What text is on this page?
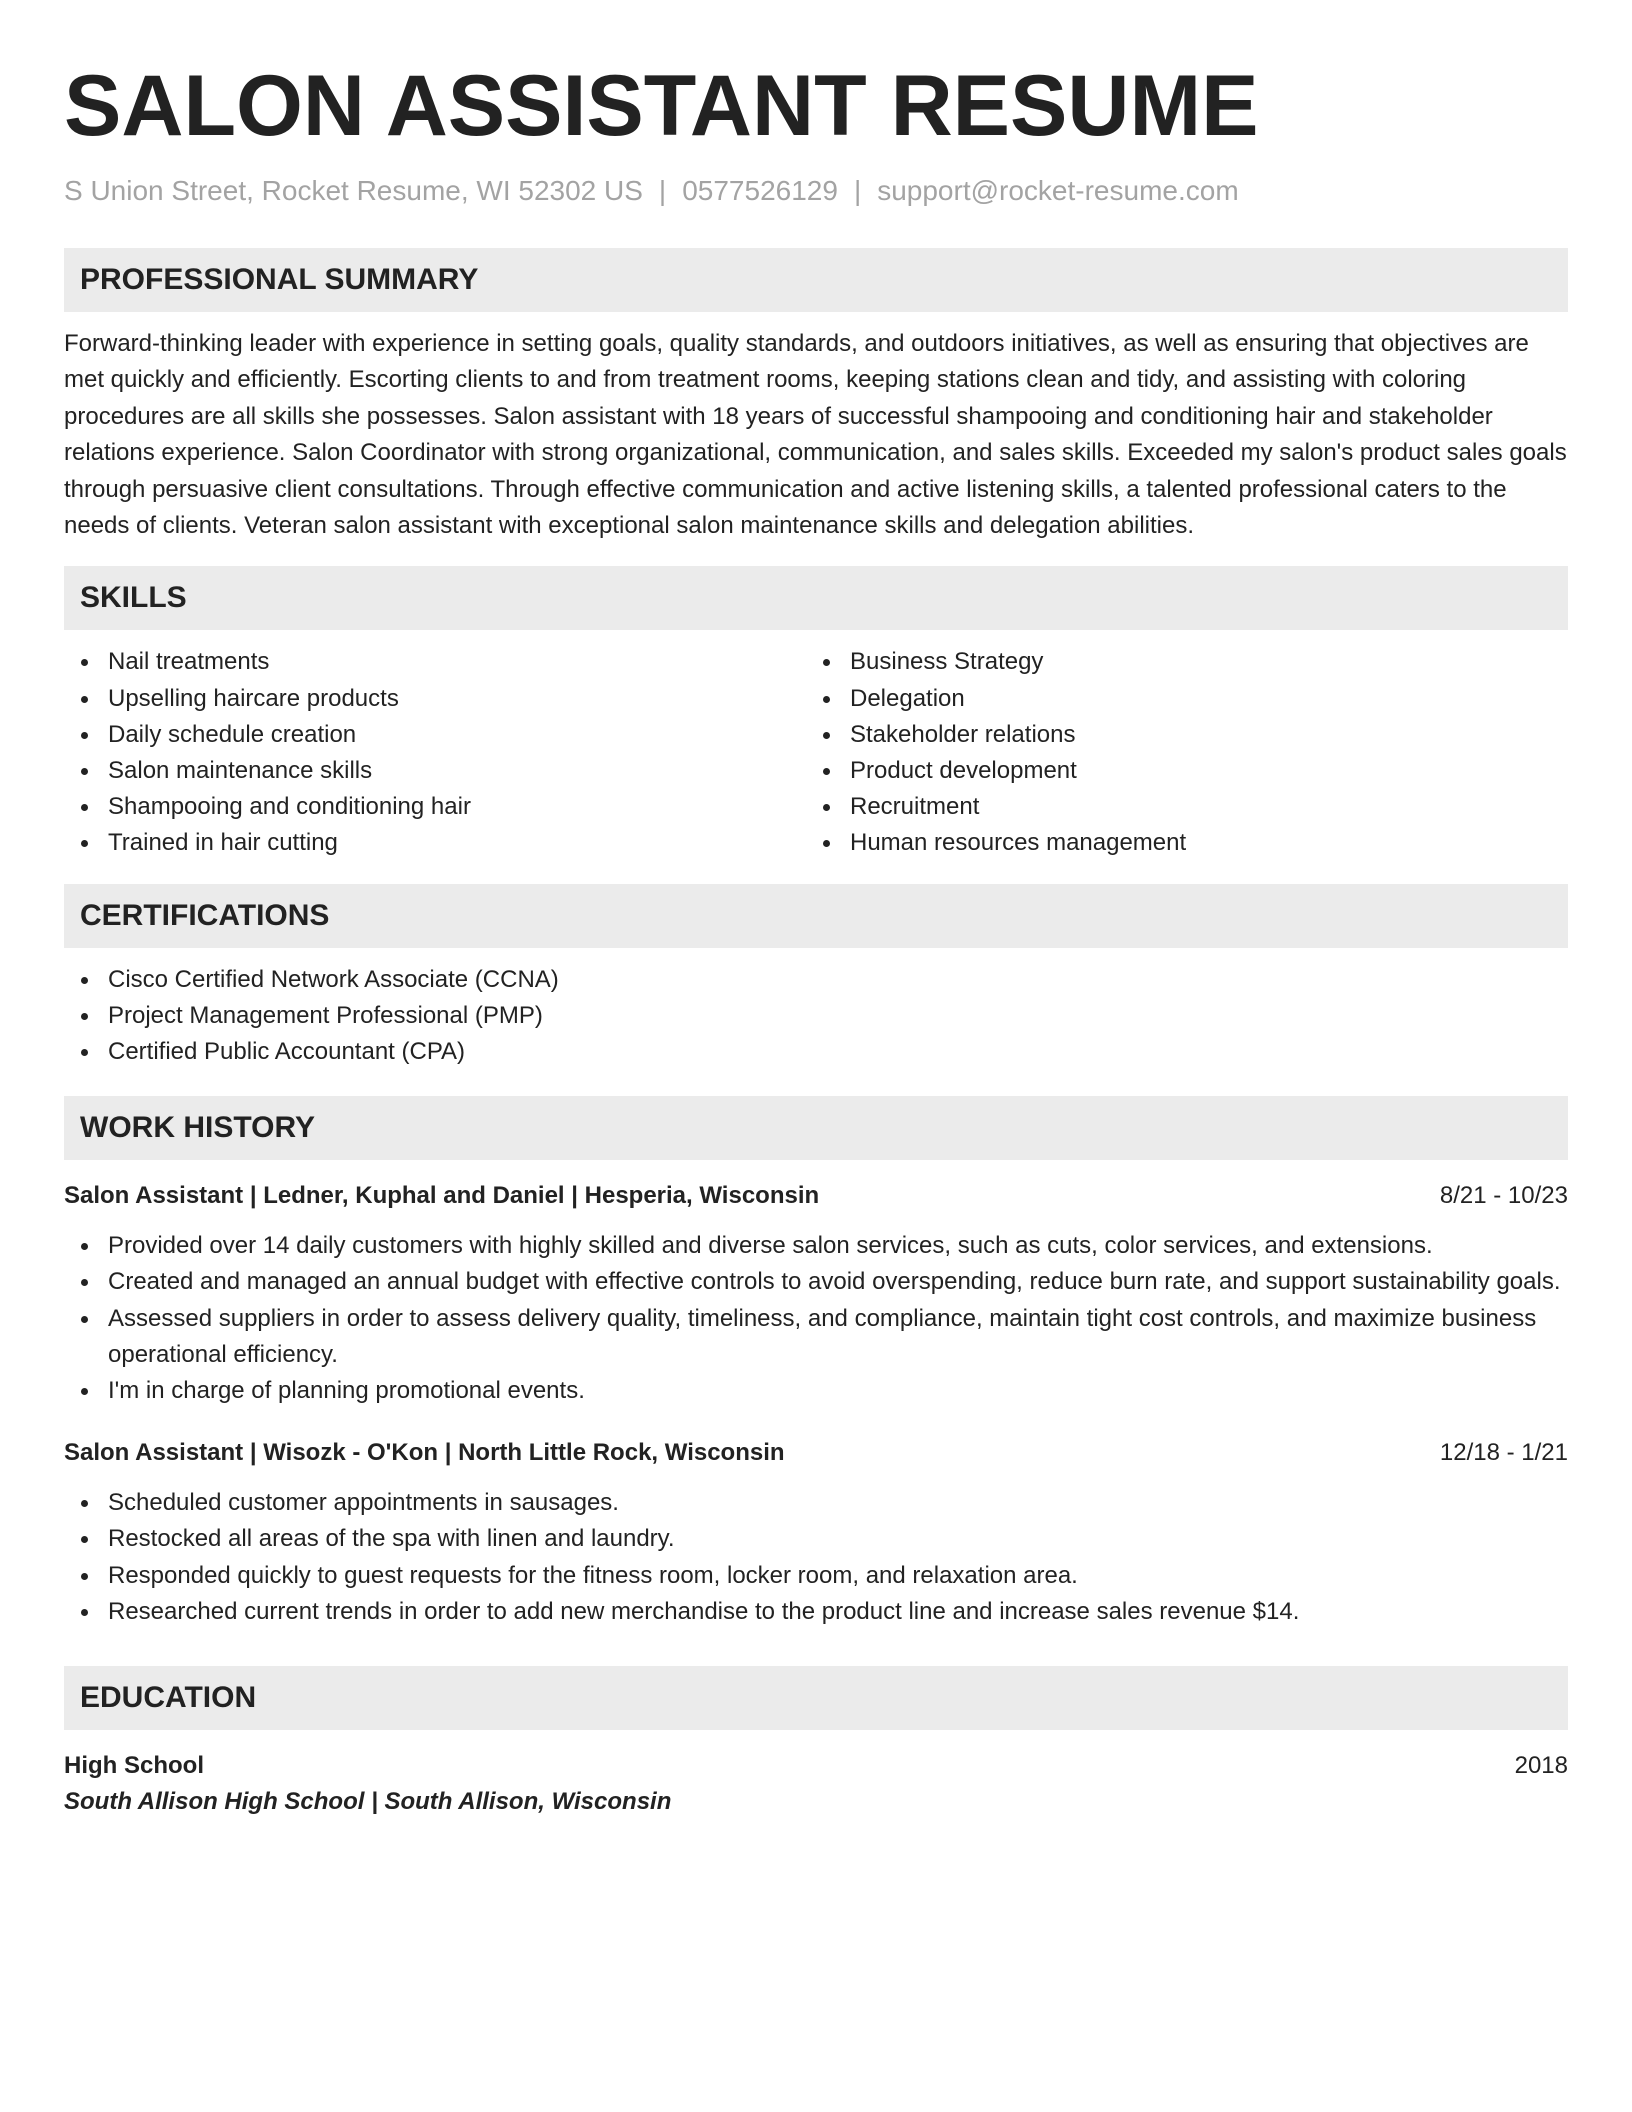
SALON ASSISTANT RESUME
S Union Street, Rocket Resume, WI 52302 US | 0577526129 | support@rocket-resume.com
PROFESSIONAL SUMMARY

Forward-thinking leader with experience in setting goals, quality standards, and outdoors initiatives, as well as ensuring that objectives are met quickly and efficiently. Escorting clients to and from treatment rooms, keeping stations clean and tidy, and assisting with coloring procedures are all skills she possesses. Salon assistant with 18 years of successful shampooing and conditioning hair and stakeholder relations experience. Salon Coordinator with strong organizational, communication, and sales skills. Exceeded my salon's product sales goals through persuasive client consultations. Through effective communication and active listening skills, a talented professional caters to the needs of clients. Veteran salon assistant with exceptional salon maintenance skills and delegation abilities.

SKILLS
Nail treatments
Upselling haircare products
Daily schedule creation
Salon maintenance skills
Shampooing and conditioning hair
Trained in hair cutting
Business Strategy
Delegation
Stakeholder relations
Product development
Recruitment
Human resources management
CERTIFICATIONS
Cisco Certified Network Associate (CCNA)
Project Management Professional (PMP)
Certified Public Accountant (CPA)
WORK HISTORY
Salon Assistant | Ledner, Kuphal and Daniel | Hesperia, Wisconsin	8/21 - 10/23
Provided over 14 daily customers with highly skilled and diverse salon services, such as cuts, color services, and extensions.
Created and managed an annual budget with effective controls to avoid overspending, reduce burn rate, and support sustainability goals.
Assessed suppliers in order to assess delivery quality, timeliness, and compliance, maintain tight cost controls, and maximize business operational efficiency.
I'm in charge of planning promotional events.
Salon Assistant | Wisozk - O'Kon | North Little Rock, Wisconsin	12/18 - 1/21
Scheduled customer appointments in sausages.
Restocked all areas of the spa with linen and laundry.
Responded quickly to guest requests for the fitness room, locker room, and relaxation area.
Researched current trends in order to add new merchandise to the product line and increase sales revenue $14.
EDUCATION
High School	2018
South Allison High School | South Allison, Wisconsin
